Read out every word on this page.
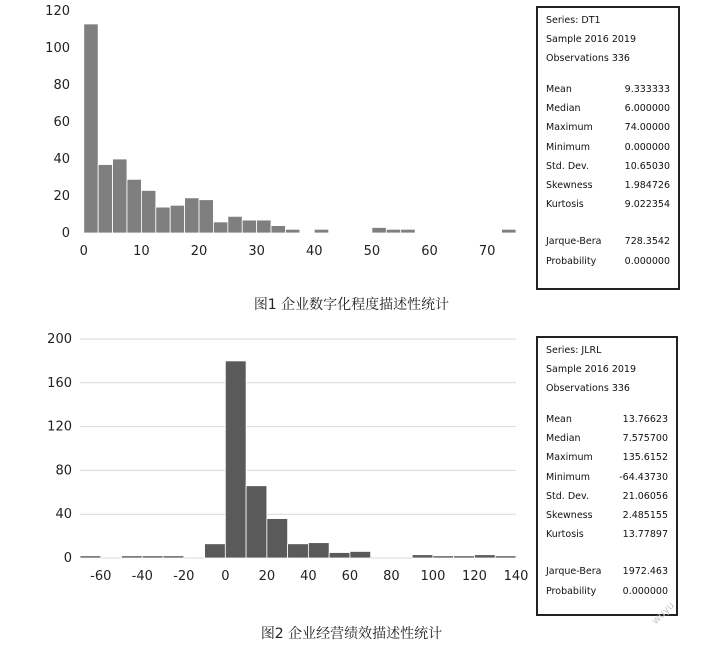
0
20
40
60
80
100
120
0	10	20	30	40	50	60	70
Series: DT1
Sample 2016 2019
Observations 336
Mean	9.333333
Median	6.000000
Maximum	74.00000
Minimum	0.000000
Std. Dev.	10.65030
Skewness	1.984726
Kurtosis	9.022354
Jarque-Bera 728.3542
Probability	0.000000
图1 企业数字化程度描述性统计
0
40
80
120
160
200
-60 -40 -20 0 20 40 60 80 100 120 140
Series: JLRL
Sample 2016 2019
Observations 336
Mean	13.76623
Median	7.575700
Maximum	135.6152
Minimum	-64.43730
Std. Dev.	21.06056
Skewness	2.485155
Kurtosis	13.77897
Jarque-Bera 1972.463
Probability	0.000000
图2 企业经营绩效描述性统计
wuyu
